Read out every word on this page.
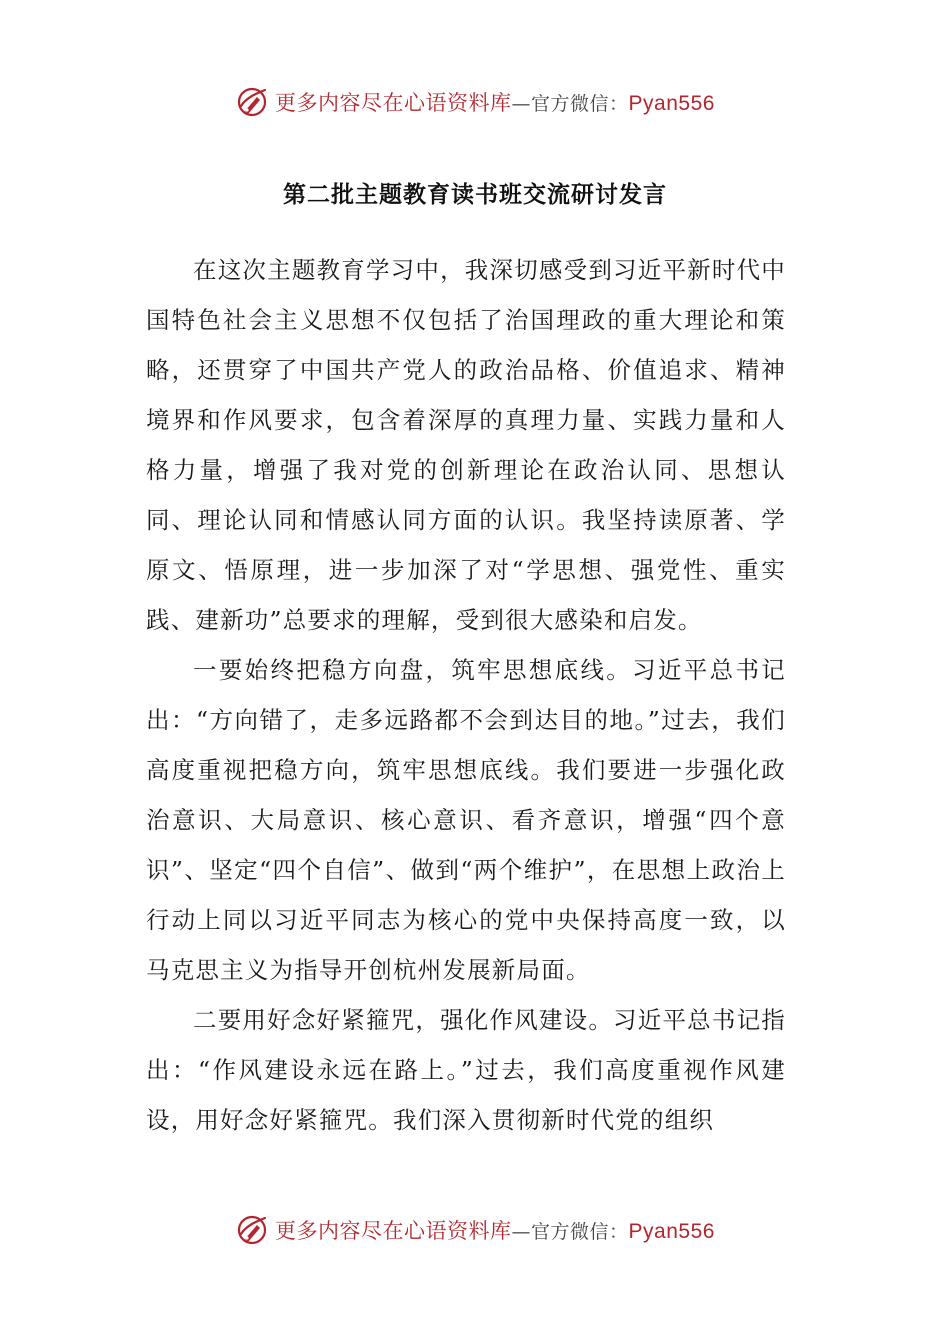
更多内容尽在心语资料库—官方微信：Pyan556
第二批主题教育读书班交流研讨发言

在这次主题教育学习中，我深切感受到习近平新时代中国特色社会主义思想不仅包括了治国理政的重大理论和策略，还贯穿了中国共产党人的政治品格、价值追求、精神境界和作风要求，包含着深厚的真理力量、实践力量和人格力量，增强了我对党的创新理论在政治认同、思想认同、理论认同和情感认同方面的认识。我坚持读原著、学原文、悟原理，进一步加深了对“学思想、强党性、重实践、建新功”总要求的理解，受到很大感染和启发。

一要始终把稳方向盘，筑牢思想底线。习近平总书记出：“方向错了，走多远路都不会到达目的地。”过去，我们高度重视把稳方向，筑牢思想底线。我们要进一步强化政治意识、大局意识、核心意识、看齐意识，增强“四个意识”、坚定“四个自信”、做到“两个维护”，在思想上政治上行动上同以习近平同志为核心的党中央保持高度一致，以马克思主义为指导开创杭州发展新局面。

二要用好念好紧箍咒，强化作风建设。习近平总书记指出：“作风建设永远在路上。”过去，我们高度重视作风建设，用好念好紧箍咒。我们深入贯彻新时代党的组织

更多内容尽在心语资料库—官方微信：Pyan556
